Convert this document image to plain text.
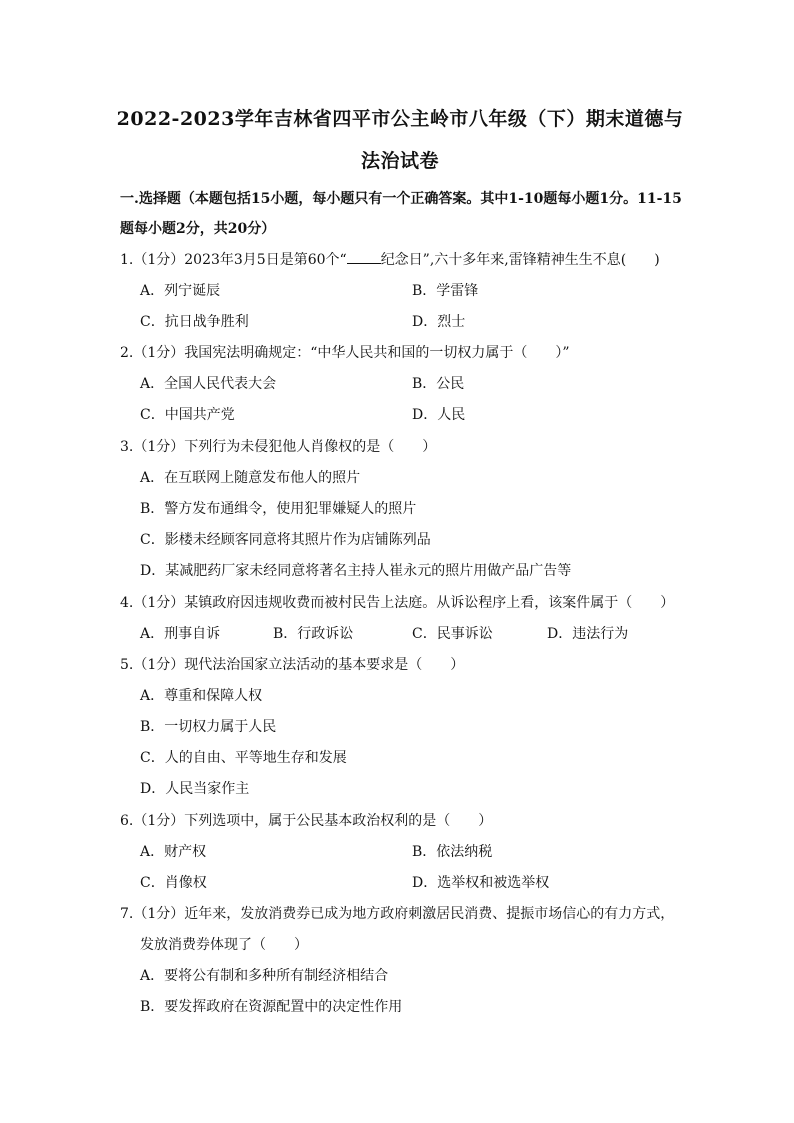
2022-2023学年吉林省四平市公主岭市八年级（下）期末道德与
法治试卷
一.选择题（本题包括15小题，每小题只有一个正确答案。其中1-10题每小题1分。11-15
题每小题2分，共20分）
1.（1分）2023年3月5日是第60个“ 纪念日”,六十多年来,雷锋精神生生不息(　　)
A．列宁诞辰	B．学雷锋
C．抗日战争胜利	D．烈士
2.（1分）我国宪法明确规定：“中华人民共和国的一切权力属于（　　）”
A．全国人民代表大会	B．公民
C．中国共产党	D．人民
3.（1分）下列行为未侵犯他人肖像权的是（　　）
A．在互联网上随意发布他人的照片
B．警方发布通缉令，使用犯罪嫌疑人的照片
C．影楼未经顾客同意将其照片作为店铺陈列品
D．某减肥药厂家未经同意将著名主持人崔永元的照片用做产品广告等
4.（1分）某镇政府因违规收费而被村民告上法庭。从诉讼程序上看，该案件属于（　　）
A．刑事自诉	B．行政诉讼	C．民事诉讼	D．违法行为
5.（1分）现代法治国家立法活动的基本要求是（　　）
A．尊重和保障人权
B．一切权力属于人民
C．人的自由、平等地生存和发展
D．人民当家作主
6.（1分）下列选项中，属于公民基本政治权利的是（　　）
A．财产权	B．依法纳税
C．肖像权	D．选举权和被选举权
7.（1分）近年来，发放消费券已成为地方政府刺激居民消费、提振市场信心的有力方式，
发放消费券体现了（　　）
A．要将公有制和多种所有制经济相结合
B．要发挥政府在资源配置中的决定性作用
